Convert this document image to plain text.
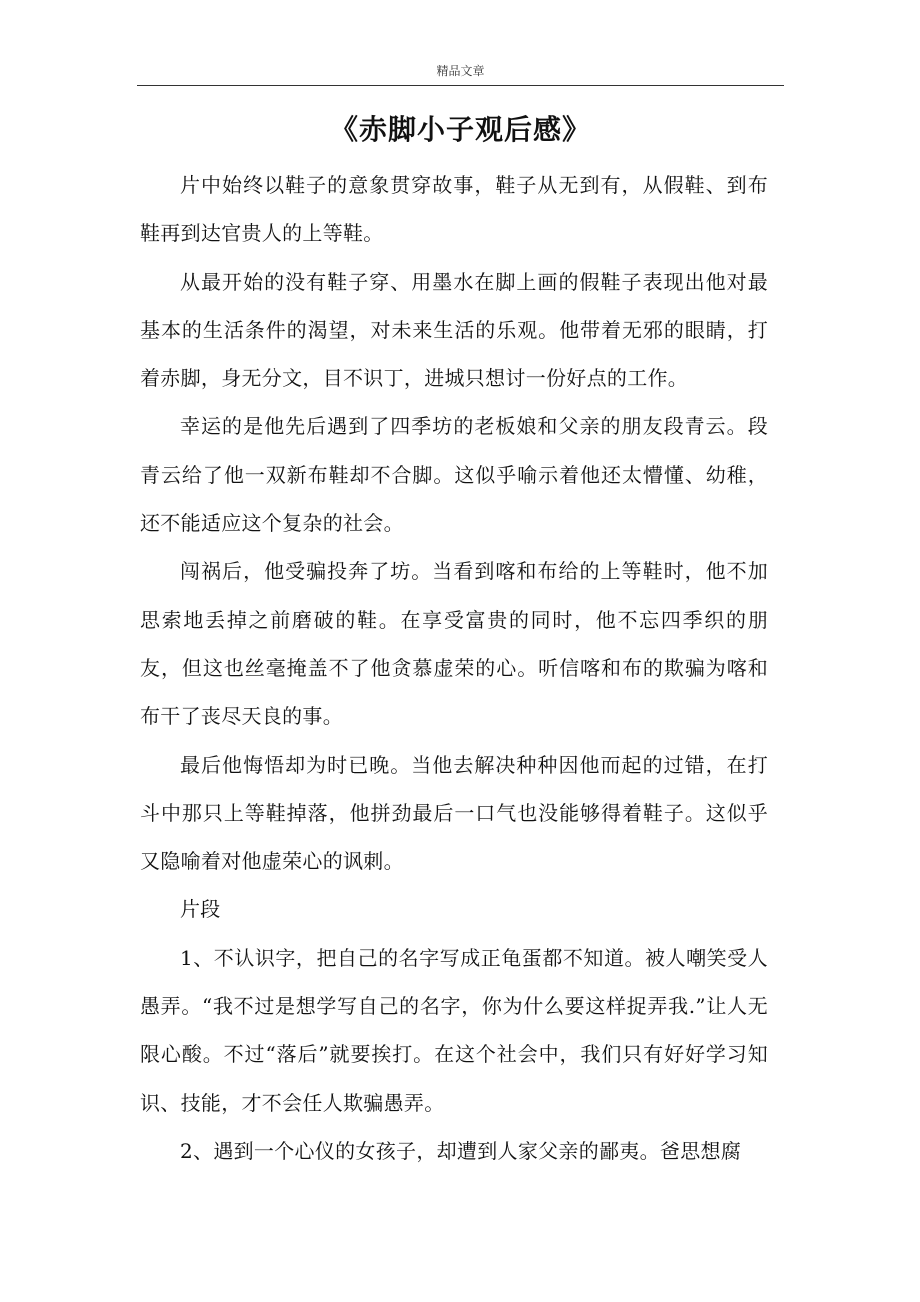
精品文章
《赤脚小子观后感》

片中始终以鞋子的意象贯穿故事，鞋子从无到有，从假鞋、到布鞋再到达官贵人的上等鞋。

从最开始的没有鞋子穿、用墨水在脚上画的假鞋子表现出他对最基本的生活条件的渴望，对未来生活的乐观。他带着无邪的眼睛，打着赤脚，身无分文，目不识丁，进城只想讨一份好点的工作。

幸运的是他先后遇到了四季坊的老板娘和父亲的朋友段青云。段青云给了他一双新布鞋却不合脚。这似乎喻示着他还太懵懂、幼稚，还不能适应这个复杂的社会。

闯祸后，他受骗投奔了坊。当看到喀和布给的上等鞋时，他不加思索地丢掉之前磨破的鞋。在享受富贵的同时，他不忘四季织的朋友，但这也丝毫掩盖不了他贪慕虚荣的心。听信喀和布的欺骗为喀和布干了丧尽天良的事。

最后他悔悟却为时已晚。当他去解决种种因他而起的过错，在打斗中那只上等鞋掉落，他拼劲最后一口气也没能够得着鞋子。这似乎又隐喻着对他虚荣心的讽刺。

片段

1、不认识字，把自己的名字写成正龟蛋都不知道。被人嘲笑受人愚弄。“我不过是想学写自己的名字，你为什么要这样捉弄我.”让人无限心酸。不过“落后”就要挨打。在这个社会中，我们只有好好学习知识、技能，才不会任人欺骗愚弄。

2、遇到一个心仪的女孩子，却遭到人家父亲的鄙夷。爸思想腐
